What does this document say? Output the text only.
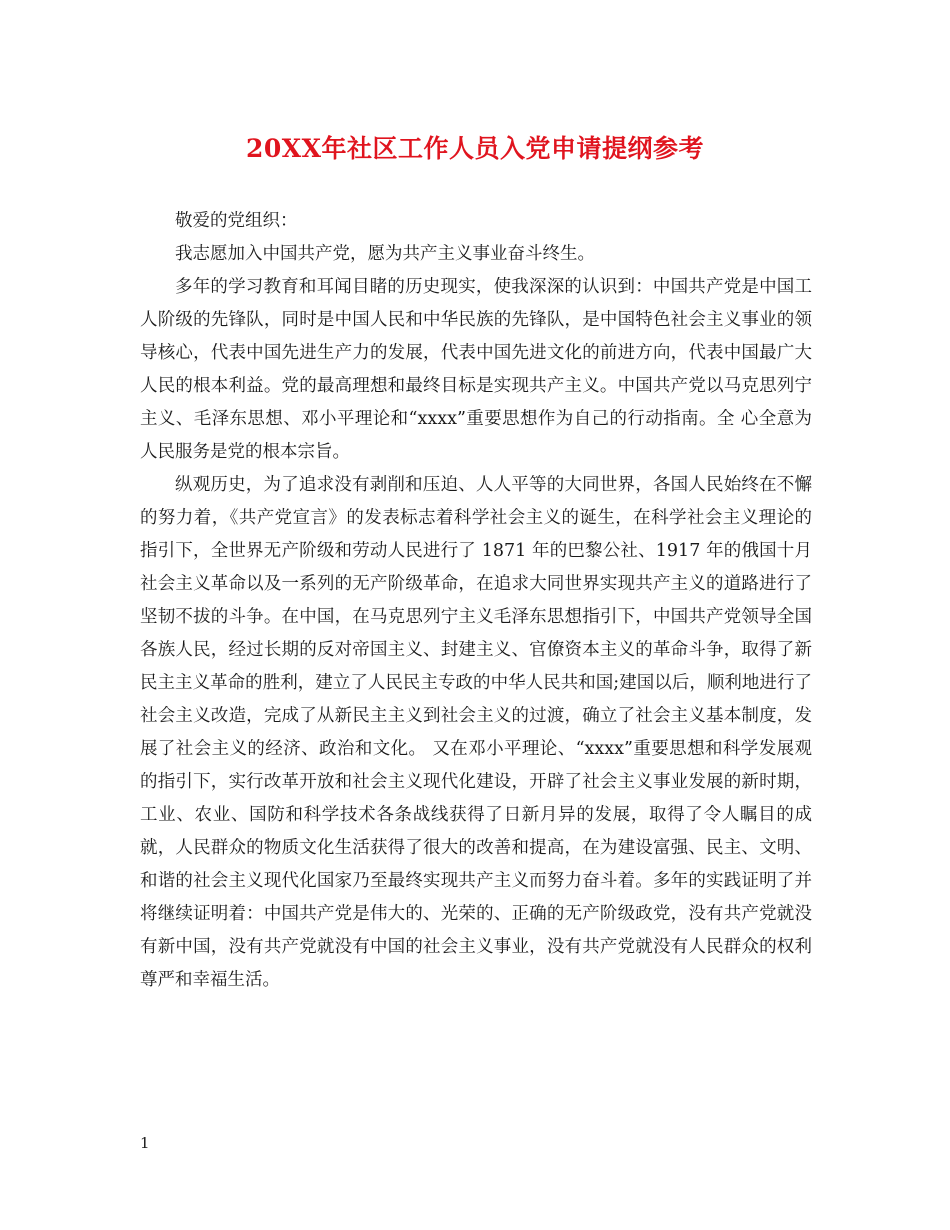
20XX年社区工作人员入党申请提纲参考

敬爱的党组织：

我志愿加入中国共产党，愿为共产主义事业奋斗终生。

多年的学习教育和耳闻目睹的历史现实，使我深深的认识到：中国共产党是中国工人阶级的先锋队，同时是中国人民和中华民族的先锋队，是中国特色社会主义事业的领导核心，代表中国先进生产力的发展，代表中国先进文化的前进方向，代表中国最广大人民的根本利益。党的最高理想和最终目标是实现共产主义。中国共产党以马克思列宁主义、毛泽东思想、邓小平理论和“xxxx”重要思想作为自己的行动指南。全 心全意为人民服务是党的根本宗旨。

纵观历史，为了追求没有剥削和压迫、人人平等的大同世界，各国人民始终在不懈的努力着，《共产党宣言》的发表标志着科学社会主义的诞生，在科学社会主义理论的指引下，全世界无产阶级和劳动人民进行了 1871 年的巴黎公社、1917 年的俄国十月社会主义革命以及一系列的无产阶级革命，在追求大同世界实现共产主义的道路进行了坚韧不拔的斗争。在中国，在马克思列宁主义毛泽东思想指引下，中国共产党领导全国各族人民，经过长期的反对帝国主义、封建主义、官僚资本主义的革命斗争，取得了新民主主义革命的胜利，建立了人民民主专政的中华人民共和国;建国以后，顺利地进行了社会主义改造，完成了从新民主主义到社会主义的过渡，确立了社会主义基本制度，发展了社会主义的经济、政治和文化。 又在邓小平理论、“xxxx”重要思想和科学发展观的指引下，实行改革开放和社会主义现代化建设，开辟了社会主义事业发展的新时期，工业、农业、国防和科学技术各条战线获得了日新月异的发展，取得了令人瞩目的成就，人民群众的物质文化生活获得了很大的改善和提高，在为建设富强、民主、文明、和谐的社会主义现代化国家乃至最终实现共产主义而努力奋斗着。多年的实践证明了并将继续证明着：中国共产党是伟大的、光荣的、正确的无产阶级政党，没有共产党就没有新中国，没有共产党就没有中国的社会主义事业，没有共产党就没有人民群众的权利尊严和幸福生活。

1
